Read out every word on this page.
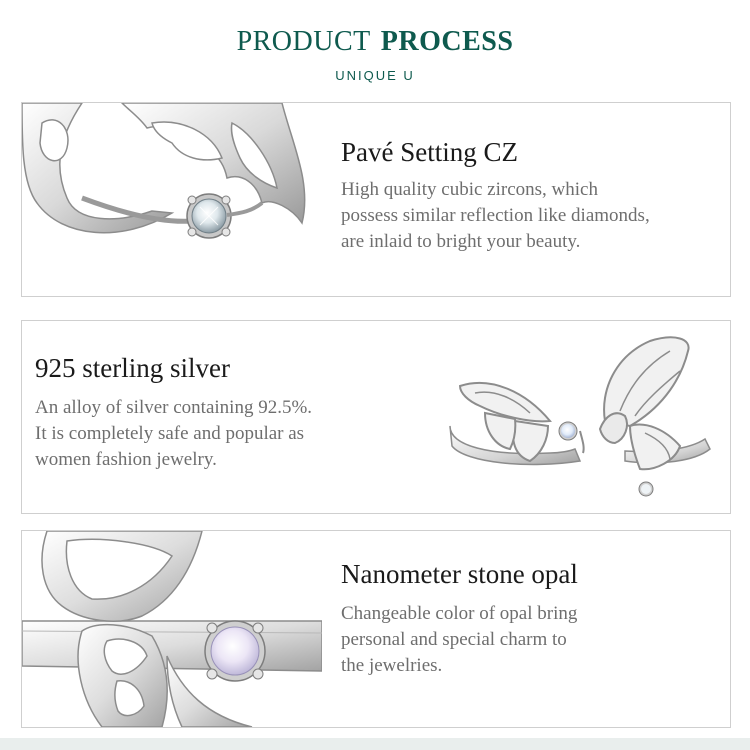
PRODUCT PROCESS
UNIQUE U
Pavé Setting CZ
High quality cubic zircons, which
possess similar reflection like diamonds,
are inlaid to bright your beauty.
925 sterling silver
An alloy of silver containing 92.5%.
It is completely safe and popular as
women fashion jewelry.
Nanometer stone opal
Changeable color of opal bring
personal and special charm to
the jewelries.
